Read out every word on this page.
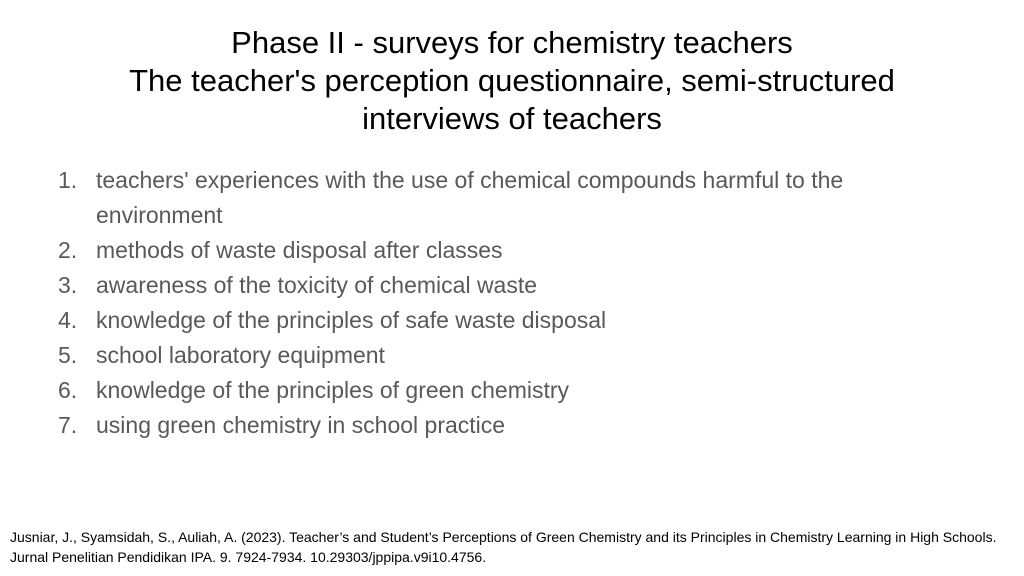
Phase II - surveys for chemistry teachers
The teacher's perception questionnaire, semi-structured
interviews of teachers
1. teachers' experiences with the use of chemical compounds harmful to the environment
2. methods of waste disposal after classes
3. awareness of the toxicity of chemical waste
4. knowledge of the principles of safe waste disposal
5. school laboratory equipment
6. knowledge of the principles of green chemistry
7. using green chemistry in school practice
Jusniar, J., Syamsidah, S., Auliah, A. (2023). Teacher’s and Student’s Perceptions of Green Chemistry and its Principles in Chemistry Learning in High Schools. Jurnal Penelitian Pendidikan IPA. 9. 7924-7934. 10.29303/jppipa.v9i10.4756.
